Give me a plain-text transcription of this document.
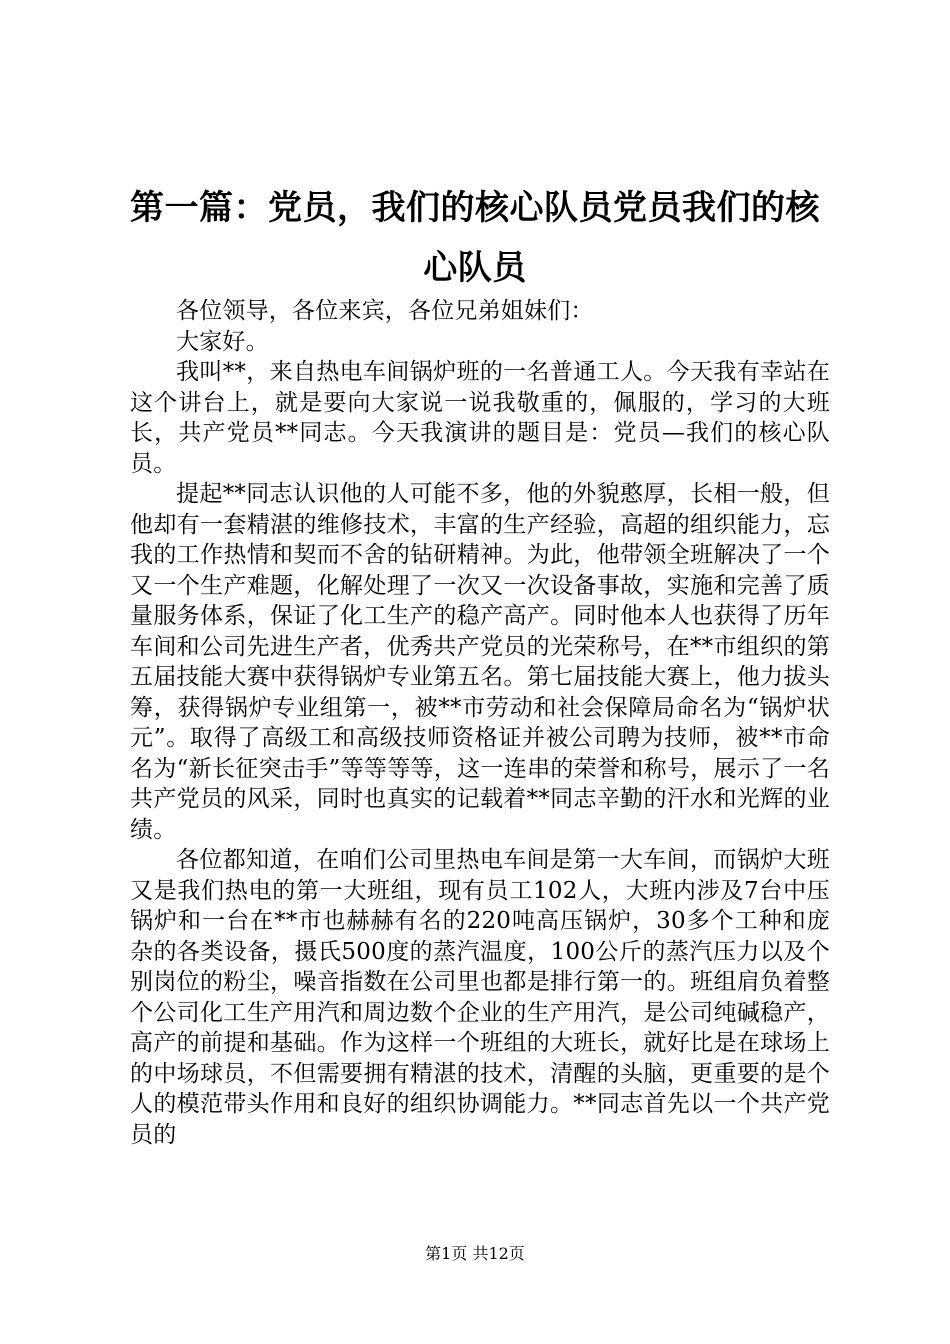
第一篇：党员，我们的核心队员党员我们的核
心队员

各位领导，各位来宾，各位兄弟姐妹们：

大家好。

我叫**，来自热电车间锅炉班的一名普通工人。今天我有幸站在这个讲台上，就是要向大家说一说我敬重的，佩服的，学习的大班长，共产党员**同志。今天我演讲的题目是：党员—我们的核心队员。

提起**同志认识他的人可能不多，他的外貌憨厚，长相一般，但他却有一套精湛的维修技术，丰富的生产经验，高超的组织能力，忘我的工作热情和契而不舍的钻研精神。为此，他带领全班解决了一个又一个生产难题，化解处理了一次又一次设备事故，实施和完善了质量服务体系，保证了化工生产的稳产高产。同时他本人也获得了历年车间和公司先进生产者，优秀共产党员的光荣称号，在**市组织的第五届技能大赛中获得锅炉专业第五名。第七届技能大赛上，他力拔头筹，获得锅炉专业组第一，被**市劳动和社会保障局命名为“锅炉状元”。取得了高级工和高级技师资格证并被公司聘为技师，被**市命名为“新长征突击手”等等等等，这一连串的荣誉和称号，展示了一名共产党员的风采，同时也真实的记载着**同志辛勤的汗水和光辉的业绩。

各位都知道，在咱们公司里热电车间是第一大车间，而锅炉大班又是我们热电的第一大班组，现有员工102人，大班内涉及7台中压锅炉和一台在**市也赫赫有名的220吨高压锅炉，30多个工种和庞杂的各类设备，摄氏500度的蒸汽温度，100公斤的蒸汽压力以及个别岗位的粉尘，噪音指数在公司里也都是排行第一的。班组肩负着整个公司化工生产用汽和周边数个企业的生产用汽，是公司纯碱稳产，高产的前提和基础。作为这样一个班组的大班长，就好比是在球场上的中场球员，不但需要拥有精湛的技术，清醒的头脑，更重要的是个人的模范带头作用和良好的组织协调能力。**同志首先以一个共产党员的

第1页 共12页
